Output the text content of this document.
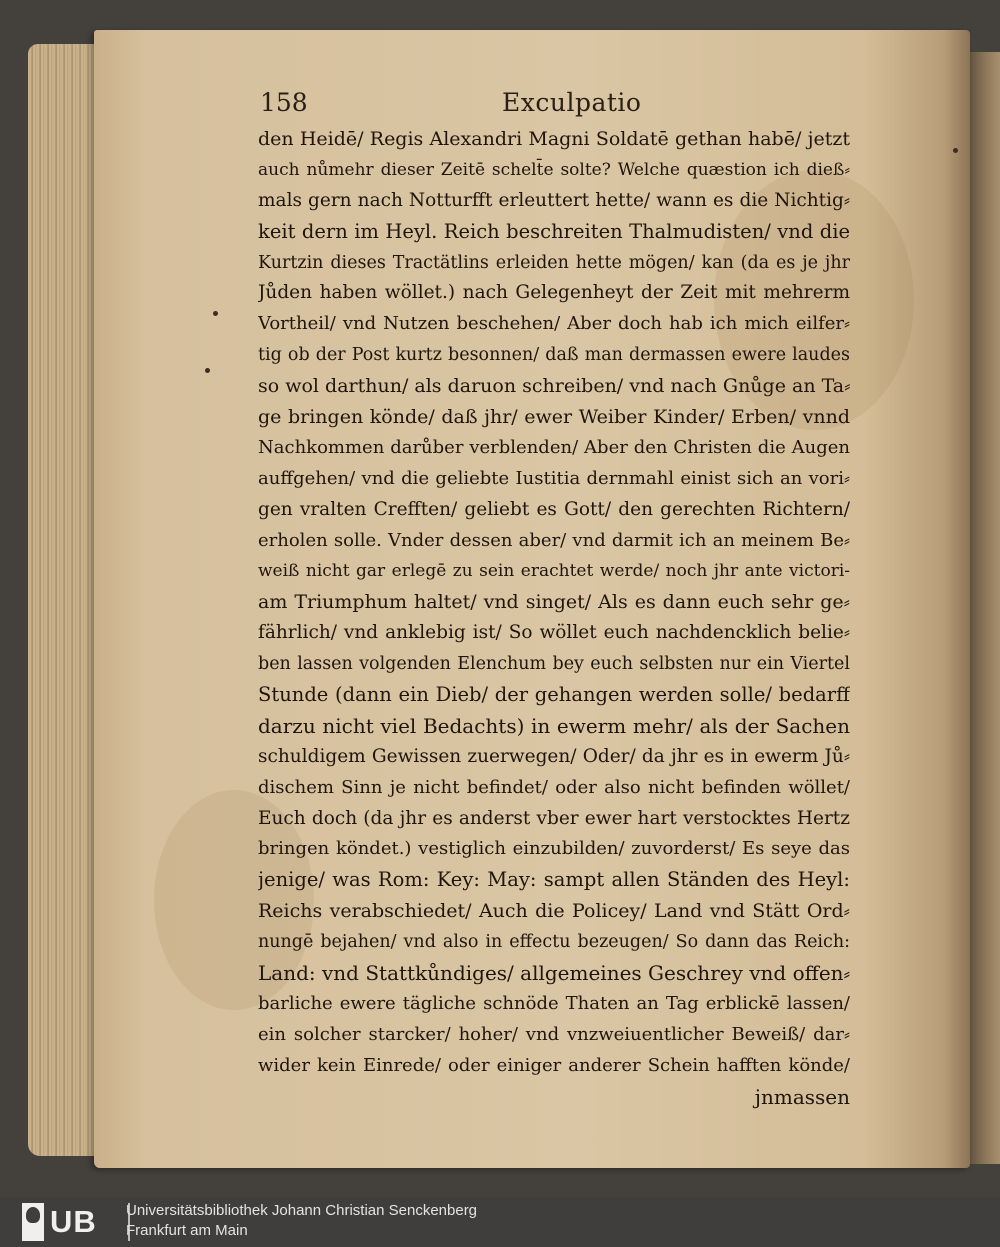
158	Exculpatio
den Heidē/ Regis Alexandri Magni Soldatē gethan habē/ jetzt
auch nůmehr dieser Zeitē schelt̄e solte? Welche quæstion ich dieß⸗
mals gern nach Notturfft erleuttert hette/ wann es die Nichtig⸗
keit dern im Heyl. Reich beschreiten Thalmudisten/ vnd die
Kurtzin dieses Tractätlins erleiden hette mögen/ kan (da es je jhr
Jůden haben wöllet.) nach Gelegenheyt der Zeit mit mehrerm
Vortheil/ vnd Nutzen beschehen/ Aber doch hab ich mich eilfer⸗
tig ob der Post kurtz besonnen/ daß man dermassen ewere laudes
so wol darthun/ als daruon schreiben/ vnd nach Gnůge an Ta⸗
ge bringen könde/ daß jhr/ ewer Weiber Kinder/ Erben/ vnnd
Nachkommen darůber verblenden/ Aber den Christen die Augen
auffgehen/ vnd die geliebte Iustitia dernmahl einist sich an vori⸗
gen vralten Crefften/ geliebt es Gott/ den gerechten Richtern/
erholen solle. Vnder dessen aber/ vnd darmit ich an meinem Be⸗
weiß nicht gar erlegē zu sein erachtet werde/ noch jhr ante victori-
am Triumphum haltet/ vnd singet/ Als es dann euch sehr ge⸗
fährlich/ vnd anklebig ist/ So wöllet euch nachdencklich belie⸗
ben lassen volgenden Elenchum bey euch selbsten nur ein Viertel
Stunde (dann ein Dieb/ der gehangen werden solle/ bedarff
darzu nicht viel Bedachts) in ewerm mehr/ als der Sachen
schuldigem Gewissen zuerwegen/ Oder/ da jhr es in ewerm Jů⸗
dischem Sinn je nicht befindet/ oder also nicht befinden wöllet/
Euch doch (da jhr es anderst vber ewer hart verstocktes Hertz
bringen köndet.) vestiglich einzubilden/ zuvorderst/ Es seye das
jenige/ was Rom: Key: May: sampt allen Ständen des Heyl:
Reichs verabschiedet/ Auch die Policey/ Land vnd Stätt Ord⸗
nungē bejahen/ vnd also in effectu bezeugen/ So dann das Reich:
Land: vnd Stattkůndiges/ allgemeines Geschrey vnd offen⸗
barliche ewere tägliche schnöde Thaten an Tag erblickē lassen/
ein solcher starcker/ hoher/ vnd vnzweiuentlicher Beweiß/ dar⸗
wider kein Einrede/ oder einiger anderer Schein hafften könde/
jnmassen
UB Universitätsbibliothek Johann Christian Senckenberg
Frankfurt am Main
